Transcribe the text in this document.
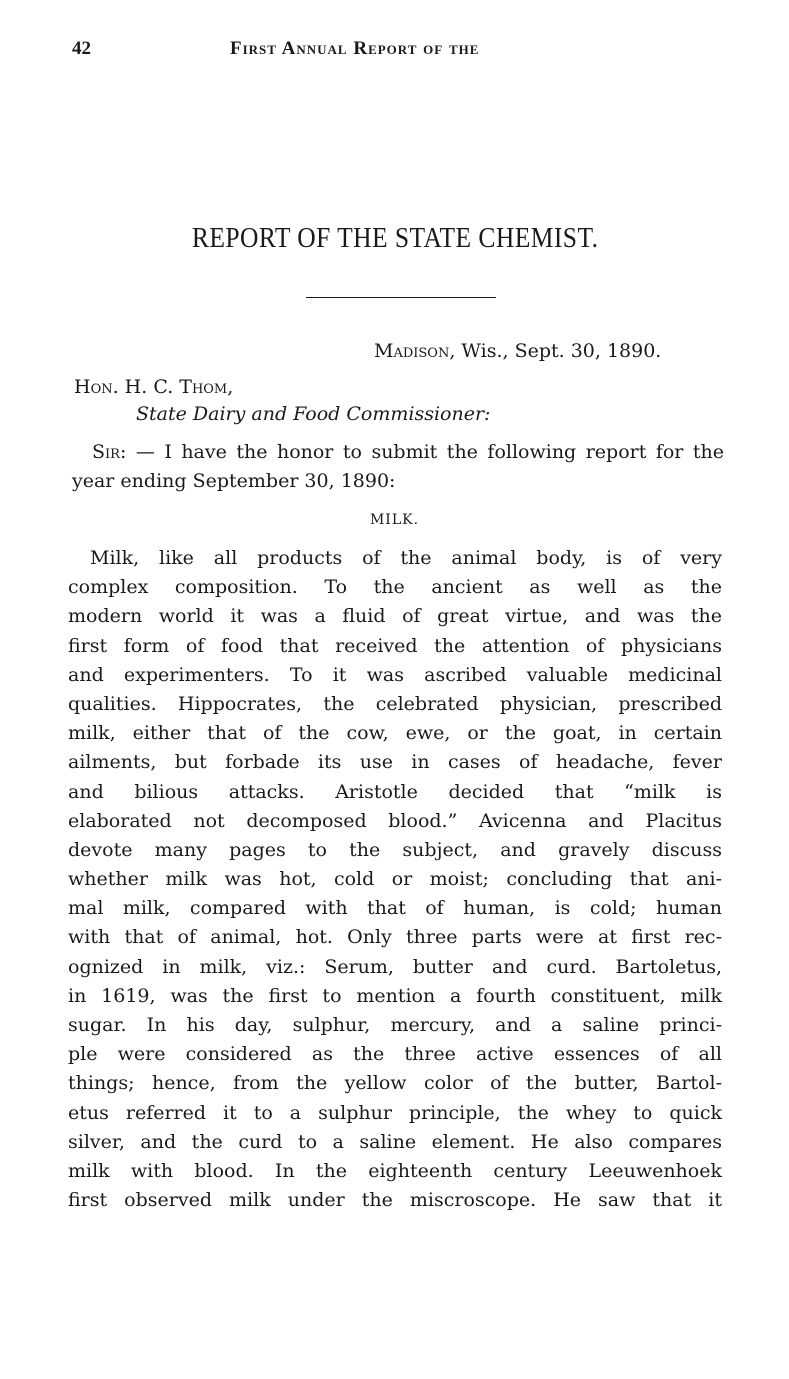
42	First Annual Report of the
REPORT OF THE STATE CHEMIST.
Madison, Wis., Sept. 30, 1890.
Hon. H. C. Thom,
State Dairy and Food Commissioner:
Sir: — I have the honor to submit the following report for the year ending September 30, 1890:
MILK.
Milk, like all products of the animal body, is of very
complex composition. To the ancient as well as the
modern world it was a fluid of great virtue, and was the
first form of food that received the attention of physicians
and experimenters. To it was ascribed valuable medicinal
qualities. Hippocrates, the celebrated physician, prescribed
milk, either that of the cow, ewe, or the goat, in certain
ailments, but forbade its use in cases of headache, fever
and bilious attacks. Aristotle decided that “milk is
elaborated not decomposed blood.” Avicenna and Placitus
devote many pages to the subject, and gravely discuss
whether milk was hot, cold or moist; concluding that ani-
mal milk, compared with that of human, is cold; human
with that of animal, hot. Only three parts were at first rec-
ognized in milk, viz.: Serum, butter and curd. Bartoletus,
in 1619, was the first to mention a fourth constituent, milk
sugar. In his day, sulphur, mercury, and a saline princi-
ple were considered as the three active essences of all
things; hence, from the yellow color of the butter, Bartol-
etus referred it to a sulphur principle, the whey to quick
silver, and the curd to a saline element. He also compares
milk with blood. In the eighteenth century Leeuwenhoek
first observed milk under the miscroscope. He saw that it
